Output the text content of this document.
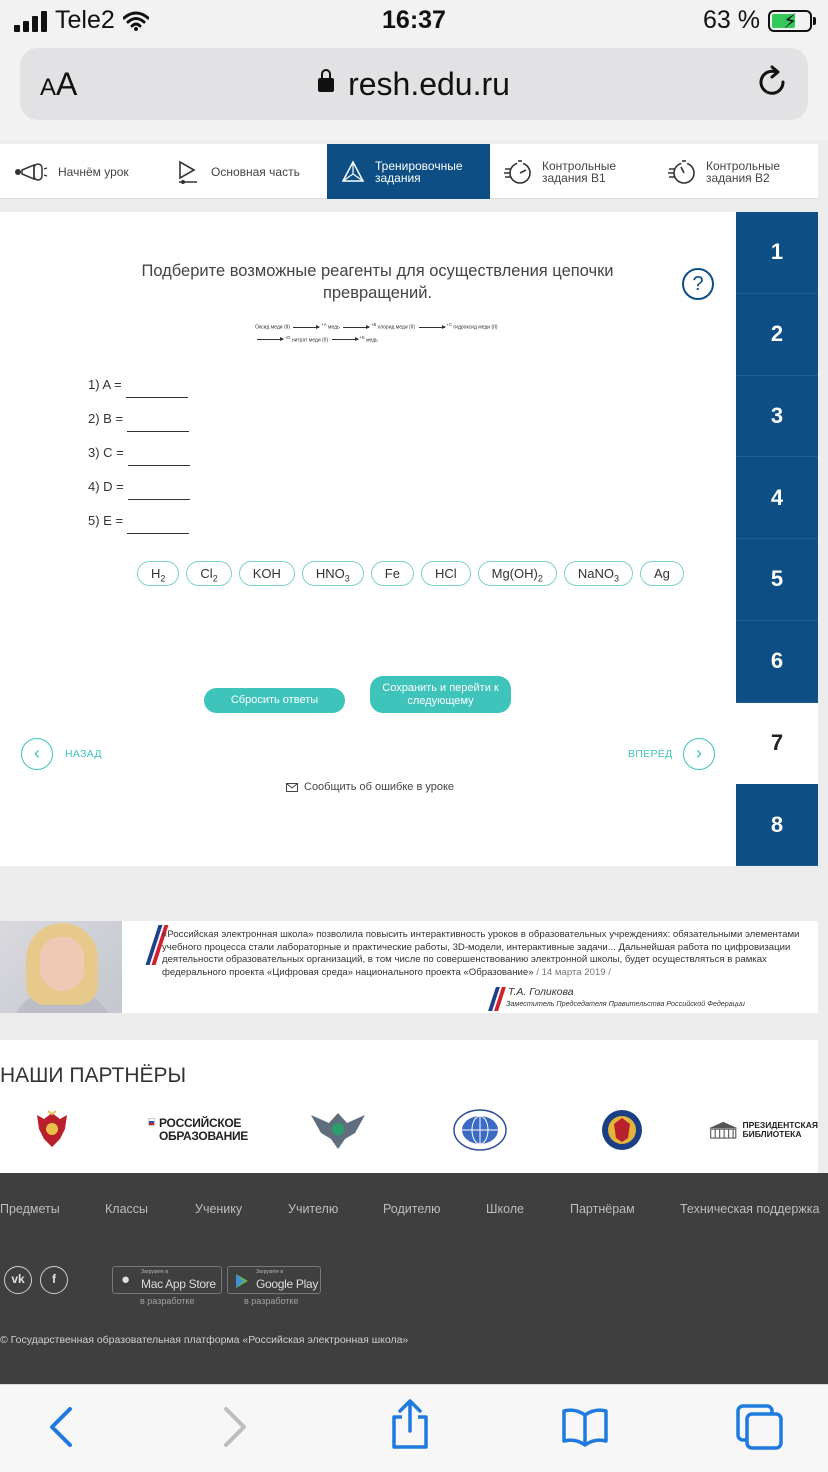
Tele2	16:37	63 % ⚡
AA	resh.edu.ru
Начнём урок	Основная часть	Тренировочные задания
Контрольные задания В1
Контрольные задания В2
Подберите возможные реагенты для осуществления цепочки превращений.	?
Оксид меди (II) $^{+A}$ медь $^{+B}$ хлорид меди (II) $^{+C}$ гидроксид меди (II)
$^{+D}$ нитрат меди (II) $^{+E}$ медь
1) A =
2) B =
3) C =
4) D =
5) E =
$H_2$	$Cl_2$	KOH	$HNO_3$	Fe	HCl	$Mg(OH)_2$	NaNO$_3$	Ag
Сбросить ответы
Сохранить и перейти к следующему
‹	НАЗАД	ВПЕРЁД	›
Сообщить об ошибке в уроке
1
2
3
4
5
6
7
8
«Российская электронная школа» позволила повысить интерактивность уроков в образовательных учреждениях: обязательными элементами учебного процесса стали лабораторные и практические работы, 3D-модели, интерактивные задачи... Дальнейшая работа по цифровизации деятельности образовательных организаций, в том числе по совершенствованию электронной школы, будет осуществляться в рамках федерального проекта «Цифровая среда» национального проекта «Образование» / 14 марта 2019 /
Т.А. Голикова
Заместитель Председателя Правительства Российской Федерации
НАШИ ПАРТНЁРЫ
РОССИЙСКОЕ
ОБРАЗОВАНИЕ
ПРЕЗИДЕНТСКАЯ
БИБЛИОТЕКА
Предметы	Классы	Ученику	Учителю	Родителю	Школе	Партнёрам	Техническая поддержка
vk	f	● Загрузите в
Mac App Store
Загрузите в
Google Play
в разработке	в разработке
© Государственная образовательная платформа «Российская электронная школа»
